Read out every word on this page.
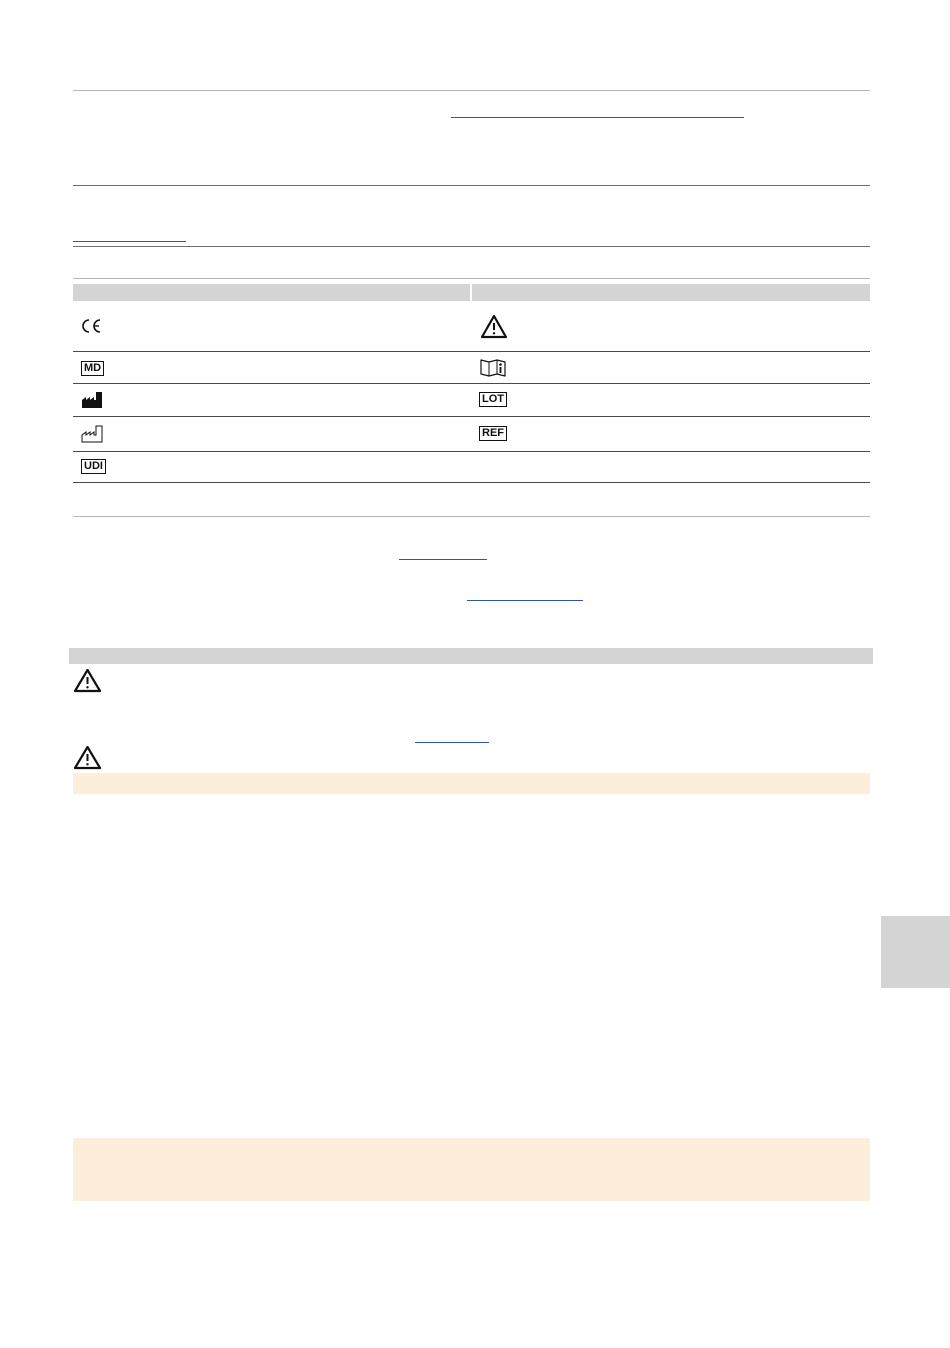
MD
LOT
REF
UDI
